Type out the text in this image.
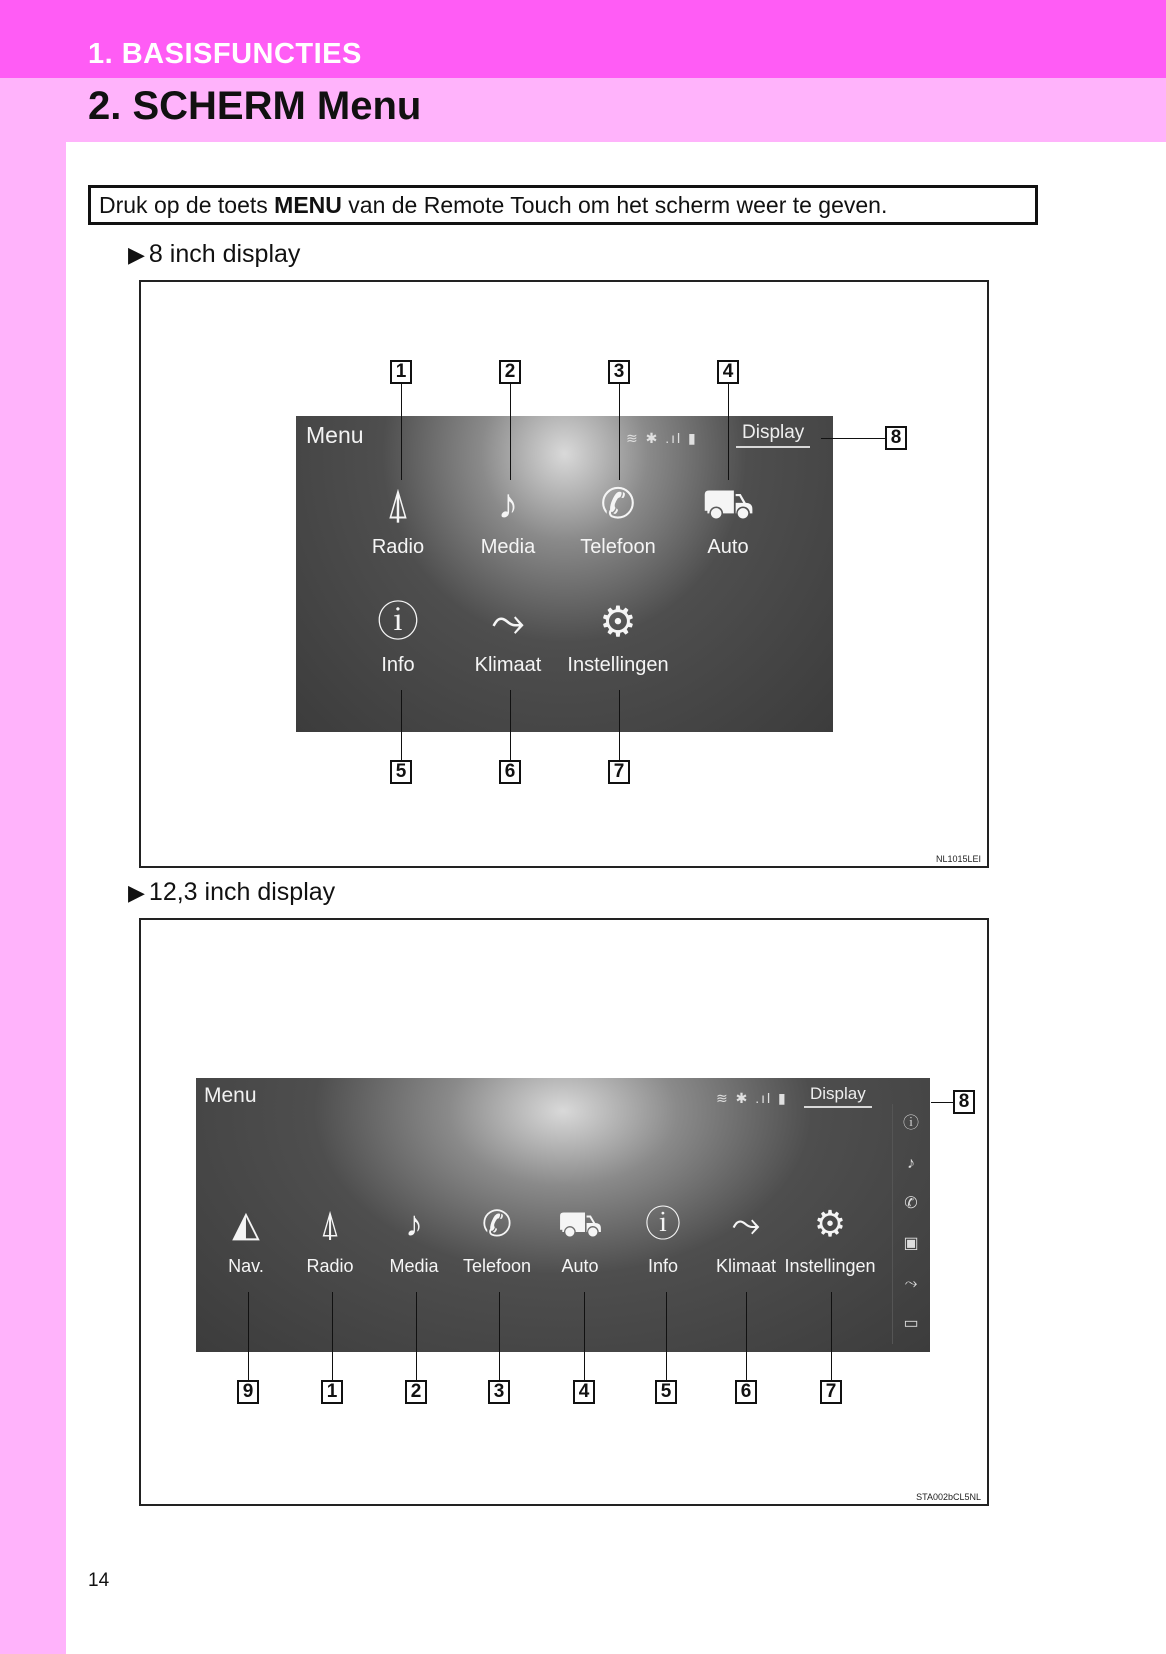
1. BASISFUNCTIES
2. SCHERM Menu
Druk op de toets MENU van de Remote Touch om het scherm weer te geven.
▶ 8 inch display
Menu	≋ ✱ .ıl ▮	Display
⍋
Radio
♪
Media
✆
Telefoon
⛟
Auto
ⓘ
Info
⤳
Klimaat
⚙
Instellingen
1	2	3	4
8
5	6	7
NL1015LEI
▶ 12,3 inch display
Menu	≋ ✱ .ıl ▮	Display
◭
Nav.
⍋
Radio
♪
Media
✆
Telefoon
⛟
Auto
ⓘ
Info
⤳
Klimaat
⚙
Instellingen
ⓘ
♪
✆
▣
⤳
▭
8
9	1	2	3	4	5	6	7
STA002bCL5NL
14
